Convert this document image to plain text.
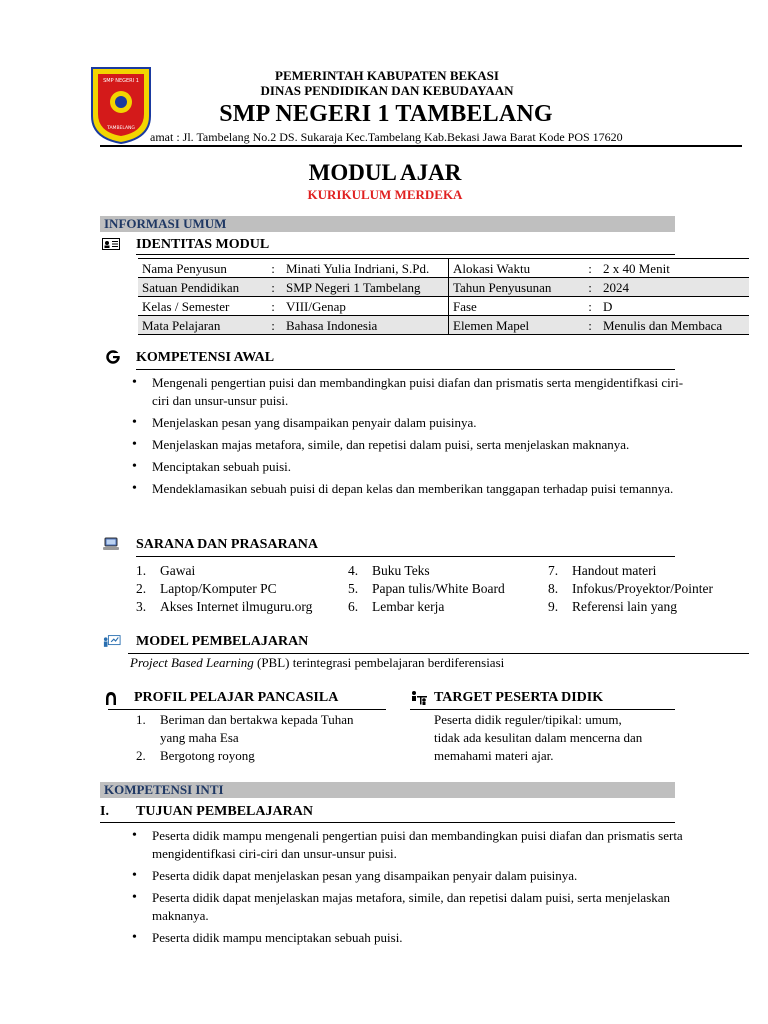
SMP NEGERI 1
TAMBELANG
PEMERINTAH KABUPATEN BEKASI
DINAS PENDIDIKAN DAN KEBUDAYAAN
SMP NEGERI 1 TAMBELANG
amat : Jl. Tambelang No.2 DS. Sukaraja Kec.Tambelang Kab.Bekasi Jawa Barat Kode POS 17620
MODUL AJAR
KURIKULUM MERDEKA
INFORMASI UMUM
IDENTITAS MODUL
Nama Penyusun	:	Minati Yulia Indriani, S.Pd.	Alokasi Waktu	:	2 x 40 Menit
Satuan Pendidikan	:	SMP Negeri 1 Tambelang	Tahun Penyusunan	:	2024
Kelas / Semester	:	VIII/Genap	Fase	:	D
Mata Pelajaran	:	Bahasa Indonesia	Elemen Mapel	:	Menulis dan Membaca
KOMPETENSI AWAL
• Mengenali pengertian puisi dan membandingkan puisi diafan dan prismatis serta mengidentifkasi ciri-ciri dan unsur-unsur puisi.
• Menjelaskan pesan yang disampaikan penyair dalam puisinya.
• Menjelaskan majas metafora, simile, dan repetisi dalam puisi, serta menjelaskan maknanya.
• Menciptakan sebuah puisi.
• Mendeklamasikan sebuah puisi di depan kelas dan memberikan tanggapan terhadap puisi temannya.
SARANA DAN PRASARANA
1.	Gawai
2.	Laptop/Komputer PC
3.	Akses Internet ilmuguru.org
4.	Buku Teks
5.	Papan tulis/White Board
6.	Lembar kerja
7.	Handout materi
8.	Infokus/Proyektor/Pointer
9.	Referensi lain yang
MODEL PEMBELAJARAN
Project Based Learning (PBL) terintegrasi pembelajaran berdiferensiasi
PROFIL PELAJAR PANCASILA
1.	Beriman dan bertakwa kepada Tuhan
yang maha Esa
2.	Bergotong royong
TARGET PESERTA DIDIK
Peserta didik reguler/tipikal: umum,
tidak ada kesulitan dalam mencerna dan
memahami materi ajar.
KOMPETENSI INTI
I. TUJUAN PEMBELAJARAN
• Peserta didik mampu mengenali pengertian puisi dan membandingkan puisi diafan dan prismatis serta mengidentifkasi ciri-ciri dan unsur-unsur puisi.
• Peserta didik dapat menjelaskan pesan yang disampaikan penyair dalam puisinya.
• Peserta didik dapat menjelaskan majas metafora, simile, dan repetisi dalam puisi, serta menjelaskan maknanya.
• Peserta didik mampu menciptakan sebuah puisi.
